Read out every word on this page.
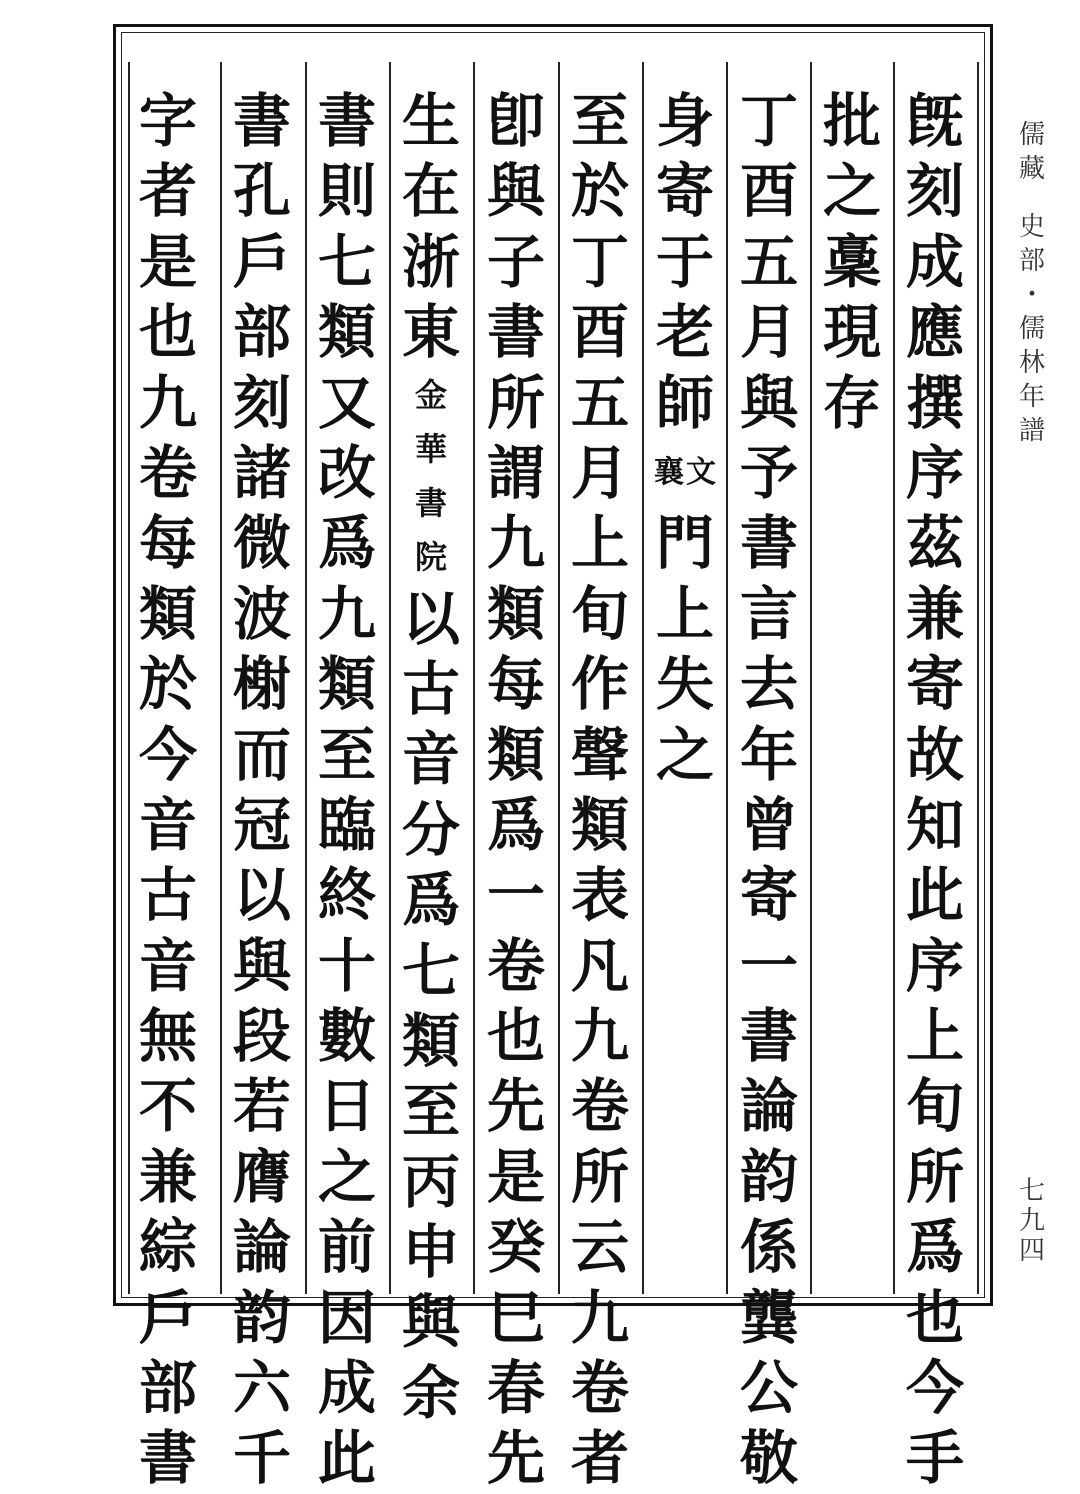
旣
刻
成
應
撰
序
茲
兼
寄
故
知
此
序
上
旬
所
爲
也
今
手
批
之
稾
現
存
丁
酉
五
月
與
予
書
言
去
年
曾
寄
一
書
論
韵
係
龔
公
敬
身
寄
于
老
師
文
襄
門
上
失
之
至
於
丁
酉
五
月
上
旬
作
聲
類
表
凡
九
卷
所
云
九
卷
者
卽
與
子
書
所
謂
九
類
每
類
爲
一
卷
也
先
是
癸
巳
春
先
生
在
浙
東
金
華
書
院
以
古
音
分
爲
七
類
至
丙
申
與
余
書
則
七
類
又
改
爲
九
類
至
臨
終
十
數
日
之
前
因
成
此
書
孔
戶
部
刻
諸
微
波
榭
而
冠
以
與
段
若
膺
論
韵
六
千
字
者
是
也
九
卷
每
類
於
今
音
古
音
無
不
兼
綜
戶
部
書
儒
藏
史
部
・
儒
林
年
譜
七
九
四
